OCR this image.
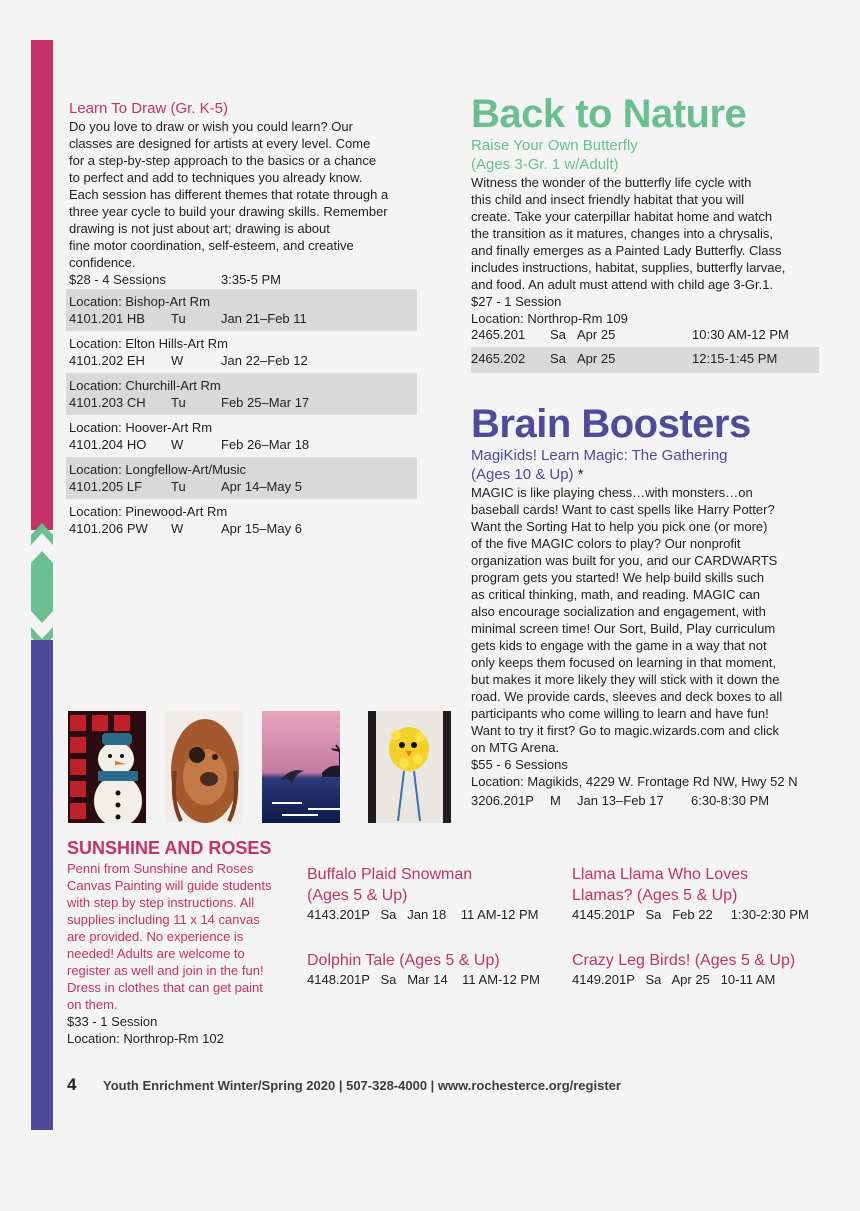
Learn To Draw (Gr. K-5)
Do you love to draw or wish you could learn? Our
classes are designed for artists at every level. Come
for a step-by-step approach to the basics or a chance
to perfect and add to techniques you already know.
Each session has different themes that rotate through a
three year cycle to build your drawing skills. Remember
drawing is not just about art; drawing is about
fine motor coordination, self-esteem, and creative
confidence.
$28 - 4 Sessions	3:35-5 PM
Location: Bishop-Art Rm
4101.201 HB	Tu	Jan 21–Feb 11
Location: Elton Hills-Art Rm
4101.202 EH	W	Jan 22–Feb 12
Location: Churchill-Art Rm
4101.203 CH	Tu	Feb 25–Mar 17
Location: Hoover-Art Rm
4101.204 HO	W	Feb 26–Mar 18
Location: Longfellow-Art/Music
4101.205 LF	Tu	Apr 14–May 5
Location: Pinewood-Art Rm
4101.206 PW	W	Apr 15–May 6
Back to Nature
Raise Your Own Butterfly
(Ages 3-Gr. 1 w/Adult)
Witness the wonder of the butterfly life cycle with
this child and insect friendly habitat that you will
create. Take your caterpillar habitat home and watch
the transition as it matures, changes into a chrysalis,
and finally emerges as a Painted Lady Butterfly. Class
includes instructions, habitat, supplies, butterfly larvae,
and food. An adult must attend with child age 3-Gr.1.
$27 - 1 Session
Location: Northrop-Rm 109
2465.201	Sa Apr 25	10:30 AM-12 PM
2465.202	Sa Apr 25	12:15-1:45 PM
Brain Boosters
MagiKids! Learn Magic: The Gathering
(Ages 10 & Up) *
MAGIC is like playing chess…with monsters…on
baseball cards! Want to cast spells like Harry Potter?
Want the Sorting Hat to help you pick one (or more)
of the five MAGIC colors to play? Our nonprofit
organization was built for you, and our CARDWARTS
program gets you started! We help build skills such
as critical thinking, math, and reading. MAGIC can
also encourage socialization and engagement, with
minimal screen time! Our Sort, Build, Play curriculum
gets kids to engage with the game in a way that not
only keeps them focused on learning in that moment,
but makes it more likely they will stick with it down the
road. We provide cards, sleeves and deck boxes to all
participants who come willing to learn and have fun!
Want to try it first? Go to magic.wizards.com and click
on MTG Arena.
$55 - 6 Sessions
Location: Magikids, 4229 W. Frontage Rd NW, Hwy 52 N
3206.201P	M	Jan 13–Feb 17	6:30-8:30 PM
SUNSHINE AND ROSES
Penni from Sunshine and Roses
Canvas Painting will guide students
with step by step instructions. All
supplies including 11 x 14 canvas
are provided. No experience is
needed! Adults are welcome to
register as well and join in the fun!
Dress in clothes that can get paint
on them.
$33 - 1 Session
Location: Northrop-Rm 102
Buffalo Plaid Snowman
(Ages 5 & Up)
4143.201P   Sa   Jan 18    11 AM-12 PM
Llama Llama Who Loves
Llamas? (Ages 5 & Up)
4145.201P   Sa   Feb 22     1:30-2:30 PM
Dolphin Tale (Ages 5 & Up)
4148.201P   Sa   Mar 14    11 AM-12 PM
Crazy Leg Birds! (Ages 5 & Up)
4149.201P   Sa   Apr 25   10-11 AM
4	Youth Enrichment Winter/Spring 2020 | 507-328-4000 | www.rochesterce.org/register
